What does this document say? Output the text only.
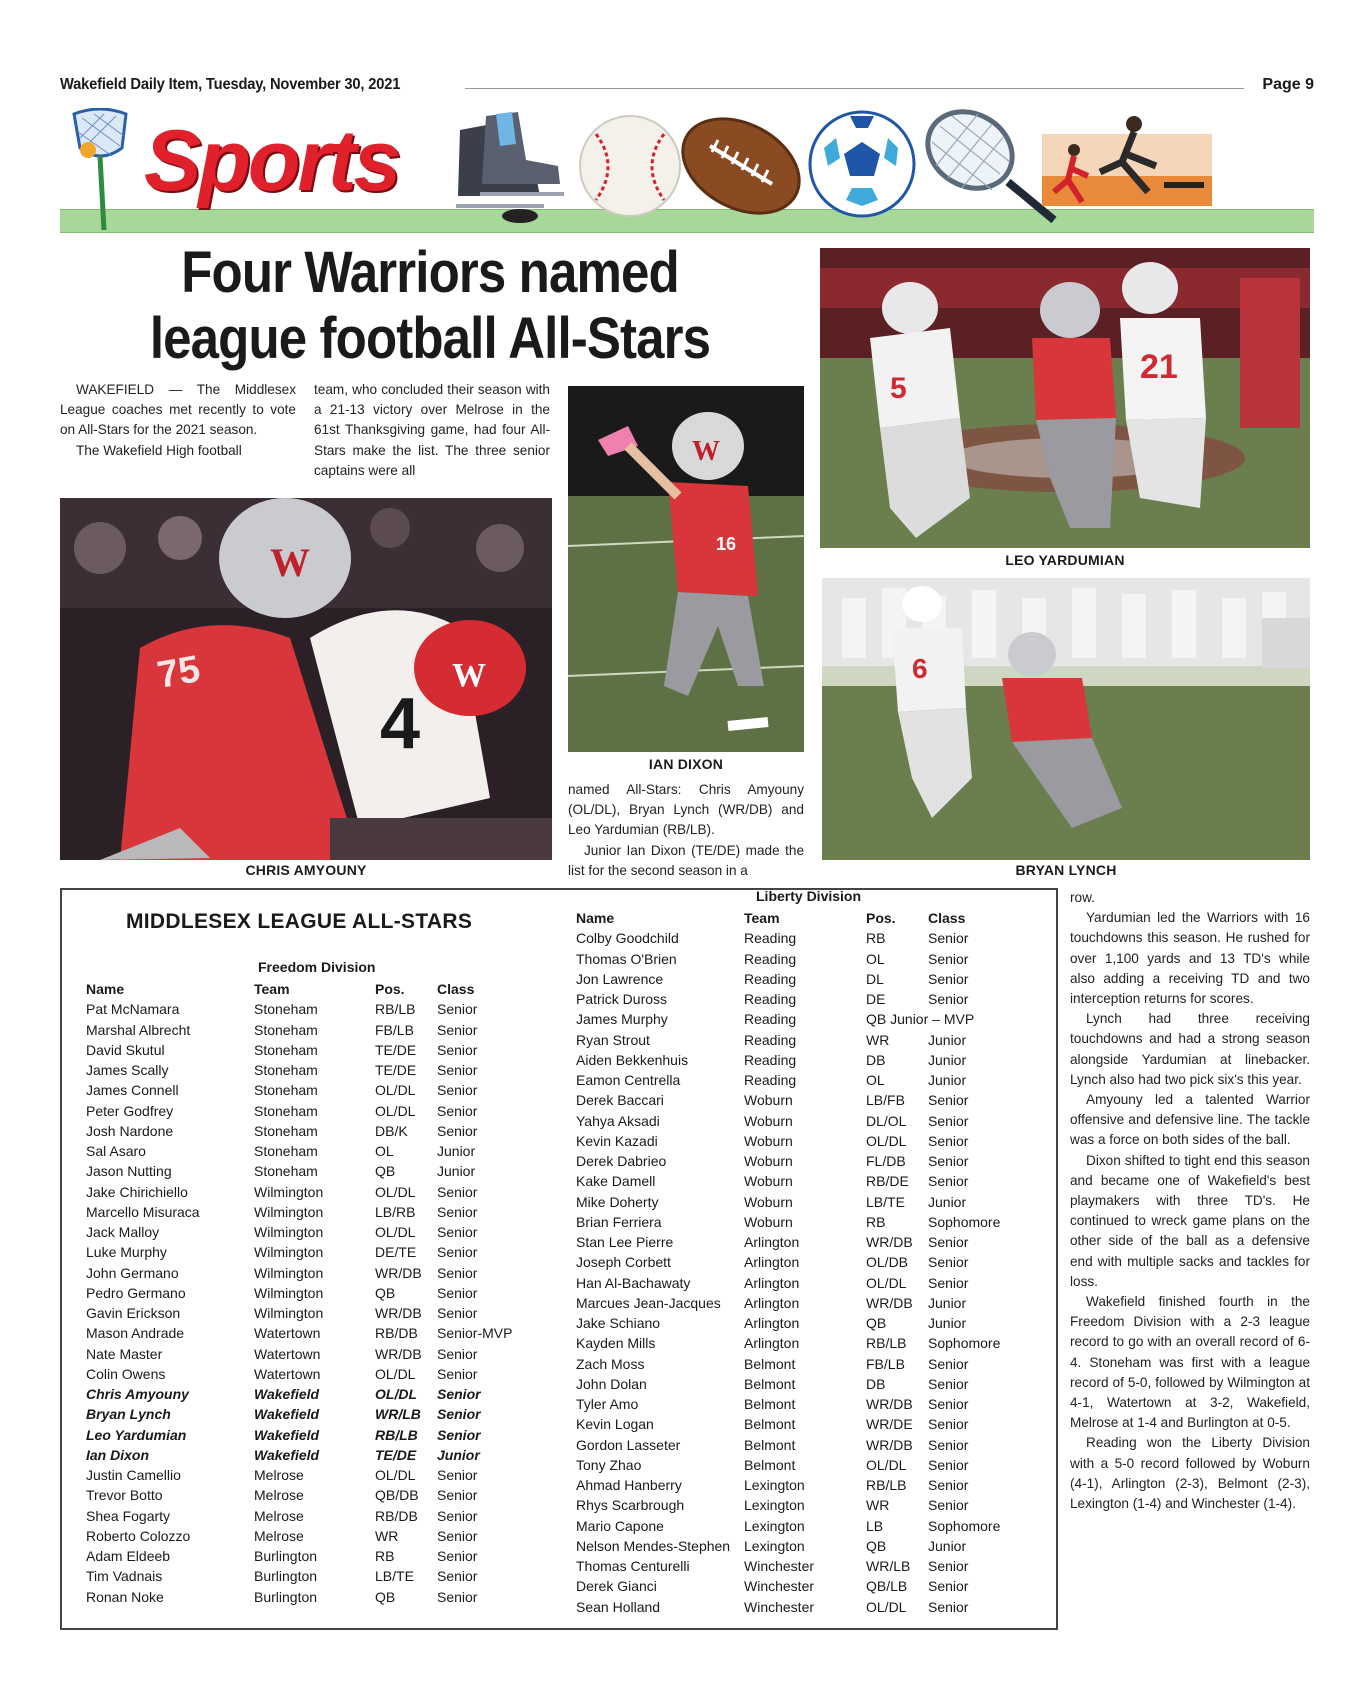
Wakefield Daily Item, Tuesday, November 30, 2021	Page 9
Sports
Four Warriors named
league football All-Stars

WAKEFIELD — The Middlesex League coaches met recently to vote on All-Stars for the 2021 season.

The Wakefield High football

team, who concluded their season with a 21-13 victory over Melrose in the 61st Thanksgiving game, had four All-Stars make the list. The three senior captains were all

W
4
W
75
CHRIS AMYOUNY
W
16
IAN DIXON

named All-Stars: Chris Amyouny (OL/DL), Bryan Lynch (WR/DB) and Leo Yardumian (RB/LB).

Junior Ian Dixon (TE/DE) made the list for the second season in a

5
21
LEO YARDUMIAN
6
BRYAN LYNCH

row.

Yardumian led the Warriors with 16 touchdowns this season. He rushed for over 1,100 yards and 13 TD's while also adding a receiving TD and two interception returns for scores.

Lynch had three receiving touchdowns and had a strong season alongside Yardumian at linebacker. Lynch also had two pick six's this year.

Amyouny led a talented Warrior offensive and defensive line. The tackle was a force on both sides of the ball.

Dixon shifted to tight end this season and became one of Wakefield's best playmakers with three TD's. He continued to wreck game plans on the other side of the ball as a defensive end with multiple sacks and tackles for loss.

Wakefield finished fourth in the Freedom Division with a 2-3 league record to go with an overall record of 6-4. Stoneham was first with a league record of 5-0, followed by Wilmington at 4-1, Watertown at 3-2, Wakefield, Melrose at 1-4 and Burlington at 0-5.

Reading won the Liberty Division with a 5-0 record followed by Woburn (4-1), Arlington (2-3), Belmont (2-3), Lexington (1-4) and Winchester (1-4).

MIDDLESEX LEAGUE ALL-STARS
Freedom Division
Name	Team	Pos.	Class
Pat McNamara	Stoneham	RB/LB	Senior
Marshal Albrecht	Stoneham	FB/LB	Senior
David Skutul	Stoneham	TE/DE	Senior
James Scally	Stoneham	TE/DE	Senior
James Connell	Stoneham	OL/DL	Senior
Peter Godfrey	Stoneham	OL/DL	Senior
Josh Nardone	Stoneham	DB/K	Senior
Sal Asaro	Stoneham	OL	Junior
Jason Nutting	Stoneham	QB	Junior
Jake Chirichiello	Wilmington	OL/DL	Senior
Marcello Misuraca	Wilmington	LB/RB	Senior
Jack Malloy	Wilmington	OL/DL	Senior
Luke Murphy	Wilmington	DE/TE	Senior
John Germano	Wilmington	WR/DB	Senior
Pedro Germano	Wilmington	QB	Senior
Gavin Erickson	Wilmington	WR/DB	Senior
Mason Andrade	Watertown	RB/DB	Senior-MVP
Nate Master	Watertown	WR/DB	Senior
Colin Owens	Watertown	OL/DL	Senior
Chris Amyouny	Wakefield	OL/DL	Senior
Bryan Lynch	Wakefield	WR/LB	Senior
Leo Yardumian	Wakefield	RB/LB	Senior
Ian Dixon	Wakefield	TE/DE	Junior
Justin Camellio	Melrose	OL/DL	Senior
Trevor Botto	Melrose	QB/DB	Senior
Shea Fogarty	Melrose	RB/DB	Senior
Roberto Colozzo	Melrose	WR	Senior
Adam Eldeeb	Burlington	RB	Senior
Tim Vadnais	Burlington	LB/TE	Senior
Ronan Noke	Burlington	QB	Senior
Liberty Division
Name	Team	Pos.	Class
Colby Goodchild	Reading	RB	Senior
Thomas O'Brien	Reading	OL	Senior
Jon Lawrence	Reading	DL	Senior
Patrick Duross	Reading	DE	Senior
James Murphy	Reading	QB Junior – MVP
Ryan Strout	Reading	WR	Junior
Aiden Bekkenhuis	Reading	DB	Junior
Eamon Centrella	Reading	OL	Junior
Derek Baccari	Woburn	LB/FB	Senior
Yahya Aksadi	Woburn	DL/OL	Senior
Kevin Kazadi	Woburn	OL/DL	Senior
Derek Dabrieo	Woburn	FL/DB	Senior
Kake Damell	Woburn	RB/DE	Senior
Mike Doherty	Woburn	LB/TE	Junior
Brian Ferriera	Woburn	RB	Sophomore
Stan Lee Pierre	Arlington	WR/DB	Senior
Joseph Corbett	Arlington	OL/DB	Senior
Han Al-Bachawaty	Arlington	OL/DL	Senior
Marcues Jean-Jacques	Arlington	WR/DB	Junior
Jake Schiano	Arlington	QB	Junior
Kayden Mills	Arlington	RB/LB	Sophomore
Zach Moss	Belmont	FB/LB	Senior
John Dolan	Belmont	DB	Senior
Tyler Amo	Belmont	WR/DB	Senior
Kevin Logan	Belmont	WR/DE	Senior
Gordon Lasseter	Belmont	WR/DB	Senior
Tony Zhao	Belmont	OL/DL	Senior
Ahmad Hanberry	Lexington	RB/LB	Senior
Rhys Scarbrough	Lexington	WR	Senior
Mario Capone	Lexington	LB	Sophomore
Nelson Mendes-Stephen Lexington	QB	Junior
Thomas Centurelli	Winchester	WR/LB	Senior
Derek Gianci	Winchester	QB/LB	Senior
Sean Holland	Winchester	OL/DL	Senior
